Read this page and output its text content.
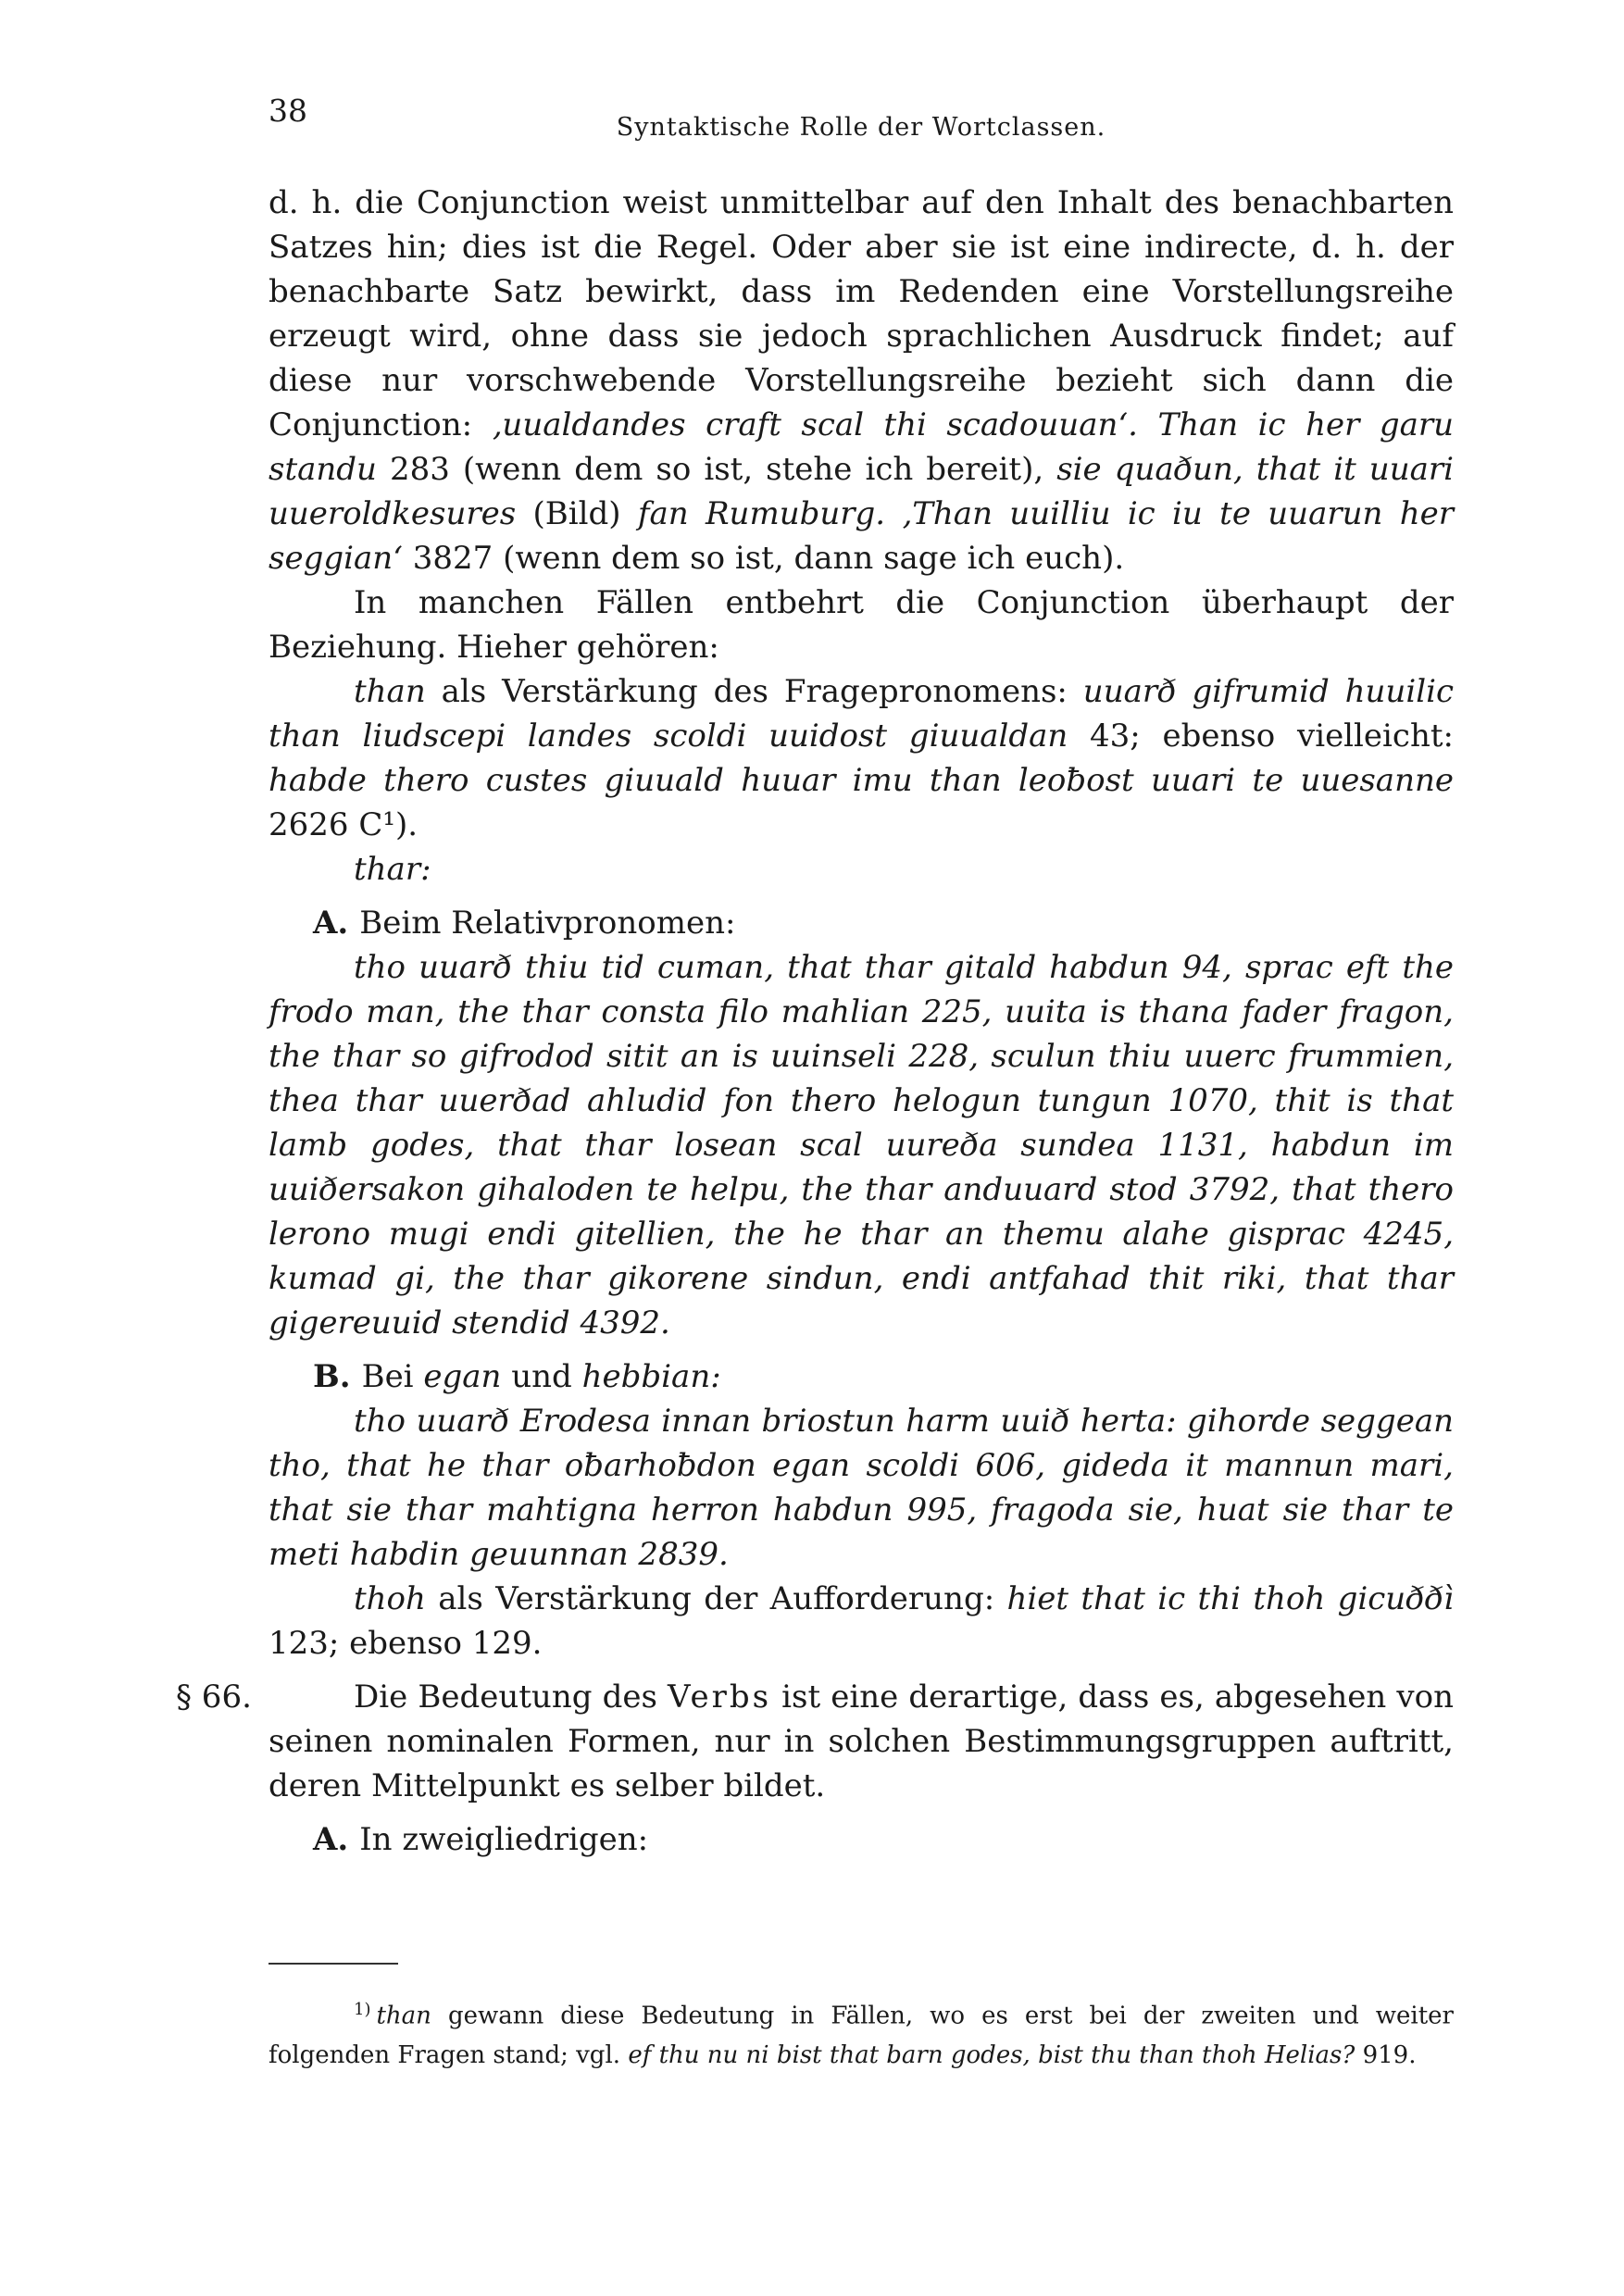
38	Syntaktische Rolle der Wortclassen.

d. h. die Conjunction weist unmittelbar auf den Inhalt des benachbarten Satzes hin; dies ist die Regel. Oder aber sie ist eine indirecte, d. h. der benachbarte Satz bewirkt, dass im Redenden eine Vorstellungsreihe erzeugt wird, ohne dass sie jedoch sprachlichen Ausdruck findet; auf diese nur vorschwebende Vorstellungsreihe bezieht sich dann die Conjunction: ‚uualdandes craft scal thi scadouuan‘. Than ic her garu standu 283 (wenn dem so ist, stehe ich bereit), sie quaðun, that it uuari uueroldkesures (Bild) fan Rumuburg. ‚Than uuilliu ic iu te uuarun her seggian‘ 3827 (wenn dem so ist, dann sage ich euch).

In manchen Fällen entbehrt die Conjunction überhaupt der Beziehung. Hieher gehören:

than als Verstärkung des Fragepronomens: uuarð gifrumid huuilic than liudscepi landes scoldi uuidost giuualdan 43; ebenso vielleicht: habde thero custes giuuald huuar imu than leoƀost uuari te uuesanne 2626 C¹).

thar:

A. Beim Relativpronomen:

tho uuarð thiu tid cuman, that thar gitald habdun 94, sprac eft the frodo man, the thar consta filo mahlian 225, uuita is thana fader fragon, the thar so gifrodod sitit an is uuinseli 228, sculun thiu uuerc frummien, thea thar uuerðad ahludid fon thero helogun tungun 1070, thit is that lamb godes, that thar losean scal uureða sundea 1131, habdun im uuiðersakon gihaloden te helpu, the thar anduuard stod 3792, that thero lerono mugi endi gitellien, the he thar an themu alahe gisprac 4245, kumad gi, the thar gikorene sindun, endi antfahad thit riki, that thar gigereuuid stendid 4392.

B. Bei egan und hebbian:

tho uuarð Erodesa innan briostun harm uuið herta: gihorde seggean tho, that he thar oƀarhoƀdon egan scoldi 606, gideda it mannun mari, that sie thar mahtigna herron habdun 995, fragoda sie, huat sie thar te meti habdin geuunnan 2839.

thoh als Verstärkung der Aufforderung: hiet that ic thi thoh gicuððì 123; ebenso 129.

§ 66.	Die Bedeutung des Verbs ist eine derartige, dass es, abgesehen von seinen nominalen Formen, nur in solchen Bestimmungsgruppen auftritt, deren Mittelpunkt es selber bildet.

A. In zweigliedrigen:

$^{1)}$ than gewann diese Bedeutung in Fällen, wo es erst bei der zweiten und weiter folgenden Fragen stand; vgl. ef thu nu ni bist that barn godes, bist thu than thoh Helias? 919.
